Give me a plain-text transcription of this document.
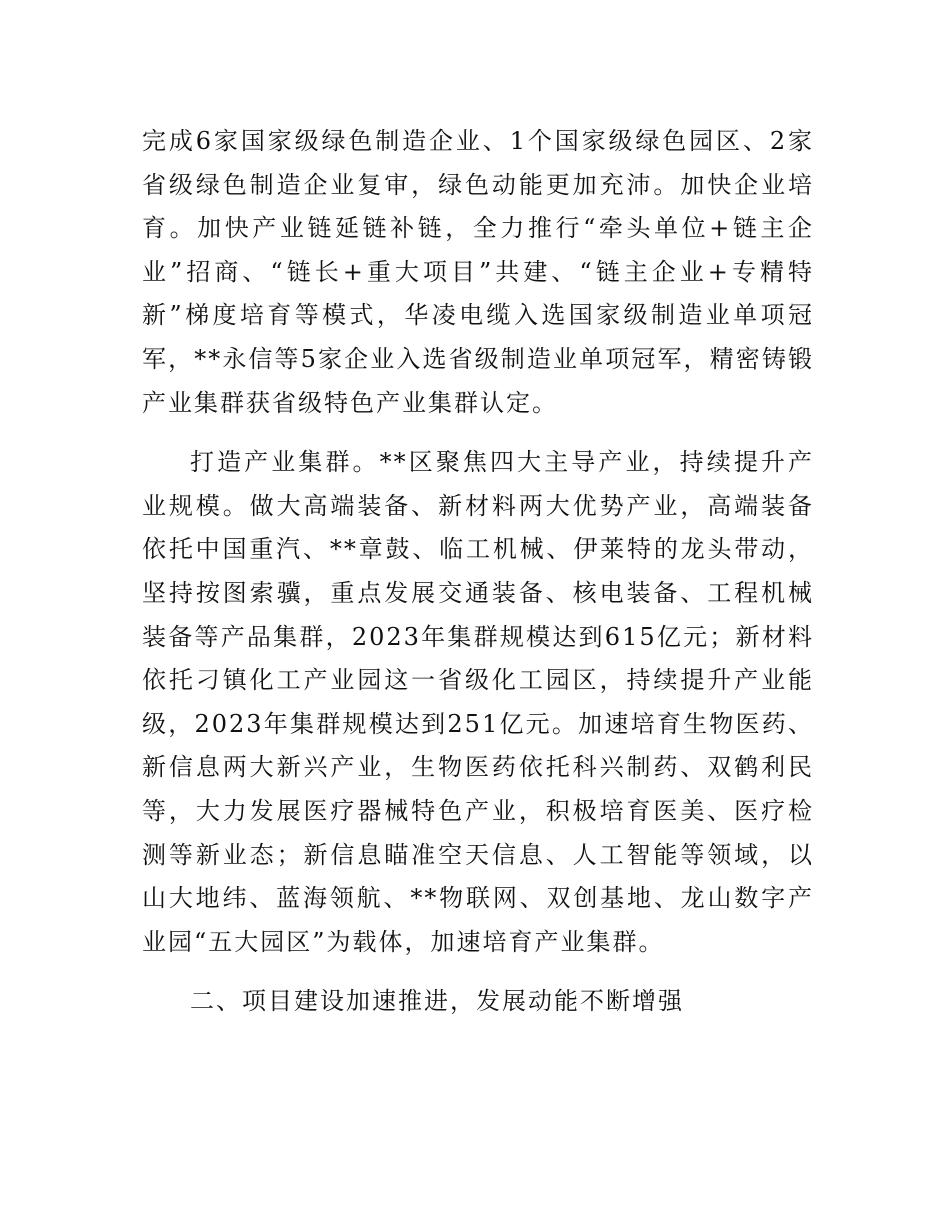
完成6家国家级绿色制造企业、1个国家级绿色园区、2家省级绿色制造企业复审，绿色动能更加充沛。加快企业培育。加快产业链延链补链，全力推行“牵头单位+链主企业”招商、“链长+重大项目”共建、“链主企业+专精特新”梯度培育等模式，华凌电缆入选国家级制造业单项冠军，**永信等5家企业入选省级制造业单项冠军，精密铸锻产业集群获省级特色产业集群认定。

打造产业集群。**区聚焦四大主导产业，持续提升产业规模。做大高端装备、新材料两大优势产业，高端装备依托中国重汽、**章鼓、临工机械、伊莱特的龙头带动，坚持按图索骥，重点发展交通装备、核电装备、工程机械装备等产品集群，2023年集群规模达到615亿元；新材料依托刁镇化工产业园这一省级化工园区，持续提升产业能级，2023年集群规模达到251亿元。加速培育生物医药、新信息两大新兴产业，生物医药依托科兴制药、双鹤利民等，大力发展医疗器械特色产业，积极培育医美、医疗检测等新业态；新信息瞄准空天信息、人工智能等领域，以山大地纬、蓝海领航、**物联网、双创基地、龙山数字产业园“五大园区”为载体，加速培育产业集群。

二、项目建设加速推进，发展动能不断增强
